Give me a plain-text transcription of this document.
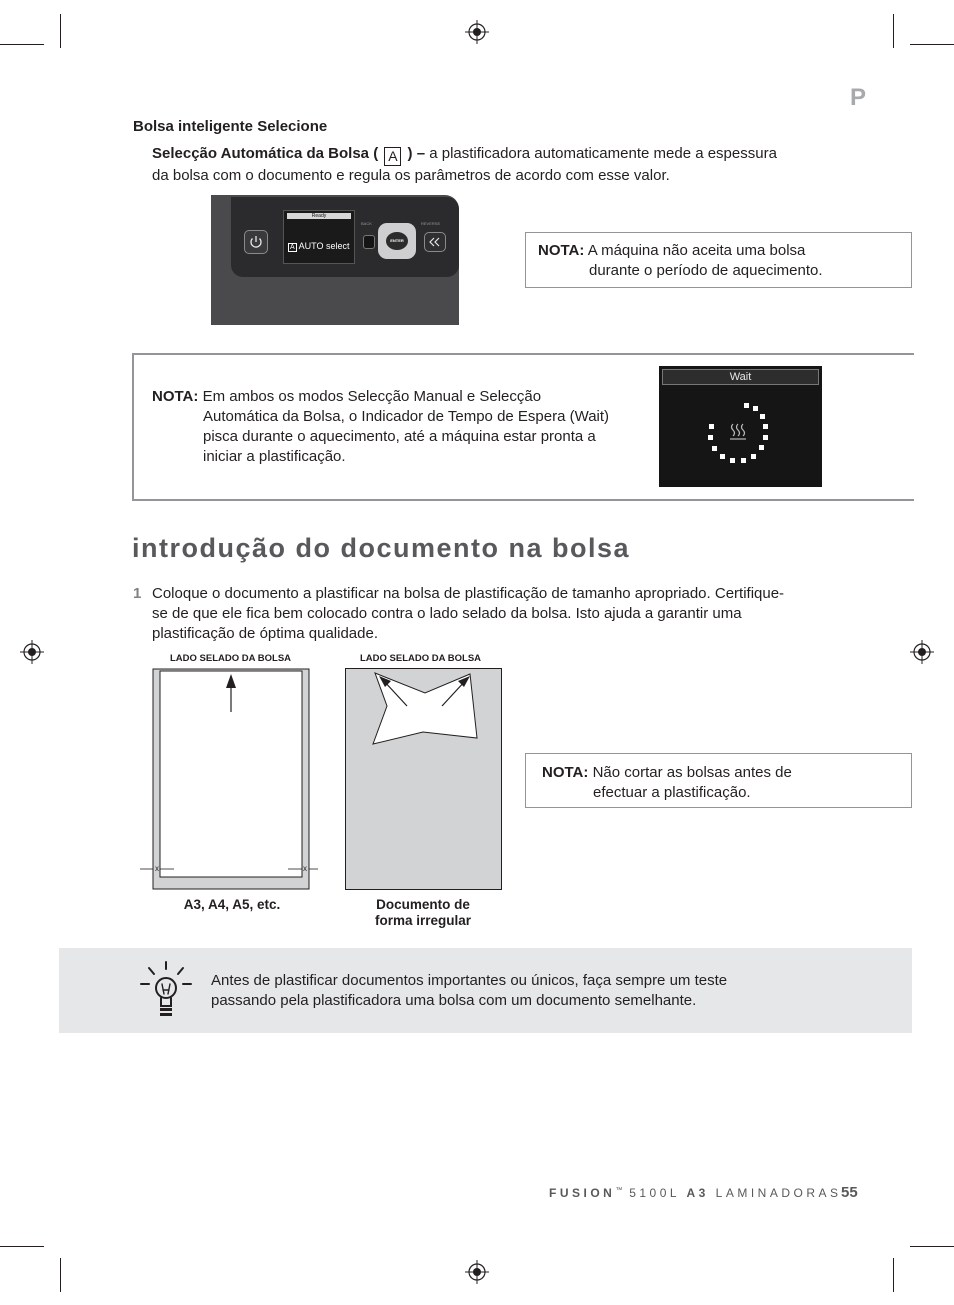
P
Bolsa inteligente Selecione
Selecção Automática da Bolsa ( A ) – a plastificadora automaticamente mede a espessura
da bolsa com o documento e regula os parâmetros de acordo com esse valor.
Ready
A AUTO select
BACK
ENTER
REVERSE
NOTA: A máquina não aceita uma bolsa
durante o período de aquecimento.
NOTA: Em ambos os modos Selecção Manual e Selecção
Automática da Bolsa, o Indicador de Tempo de Espera (Wait)
pisca durante o aquecimento, até a máquina estar pronta a
iniciar a plastificação.
Wait
introdução do documento na bolsa
1 Coloque o documento a plastificar na bolsa de plastificação de tamanho apropriado. Certifique-
se de que ele fica bem colocado contra o lado selado da bolsa. Isto ajuda a garantir uma
plastificação de óptima qualidade.
LADO SELADO DA BOLSA	LADO SELADO DA BOLSA
x	x
A3, A4, A5, etc.	Documento de
forma irregular
NOTA: Não cortar as bolsas antes de
efectuar a plastificação.
Antes de plastificar documentos importantes ou únicos, faça sempre um teste
passando pela plastificadora uma bolsa com um documento semelhante.
FUSION™ 5100L A3 LAMINADORAS 55
